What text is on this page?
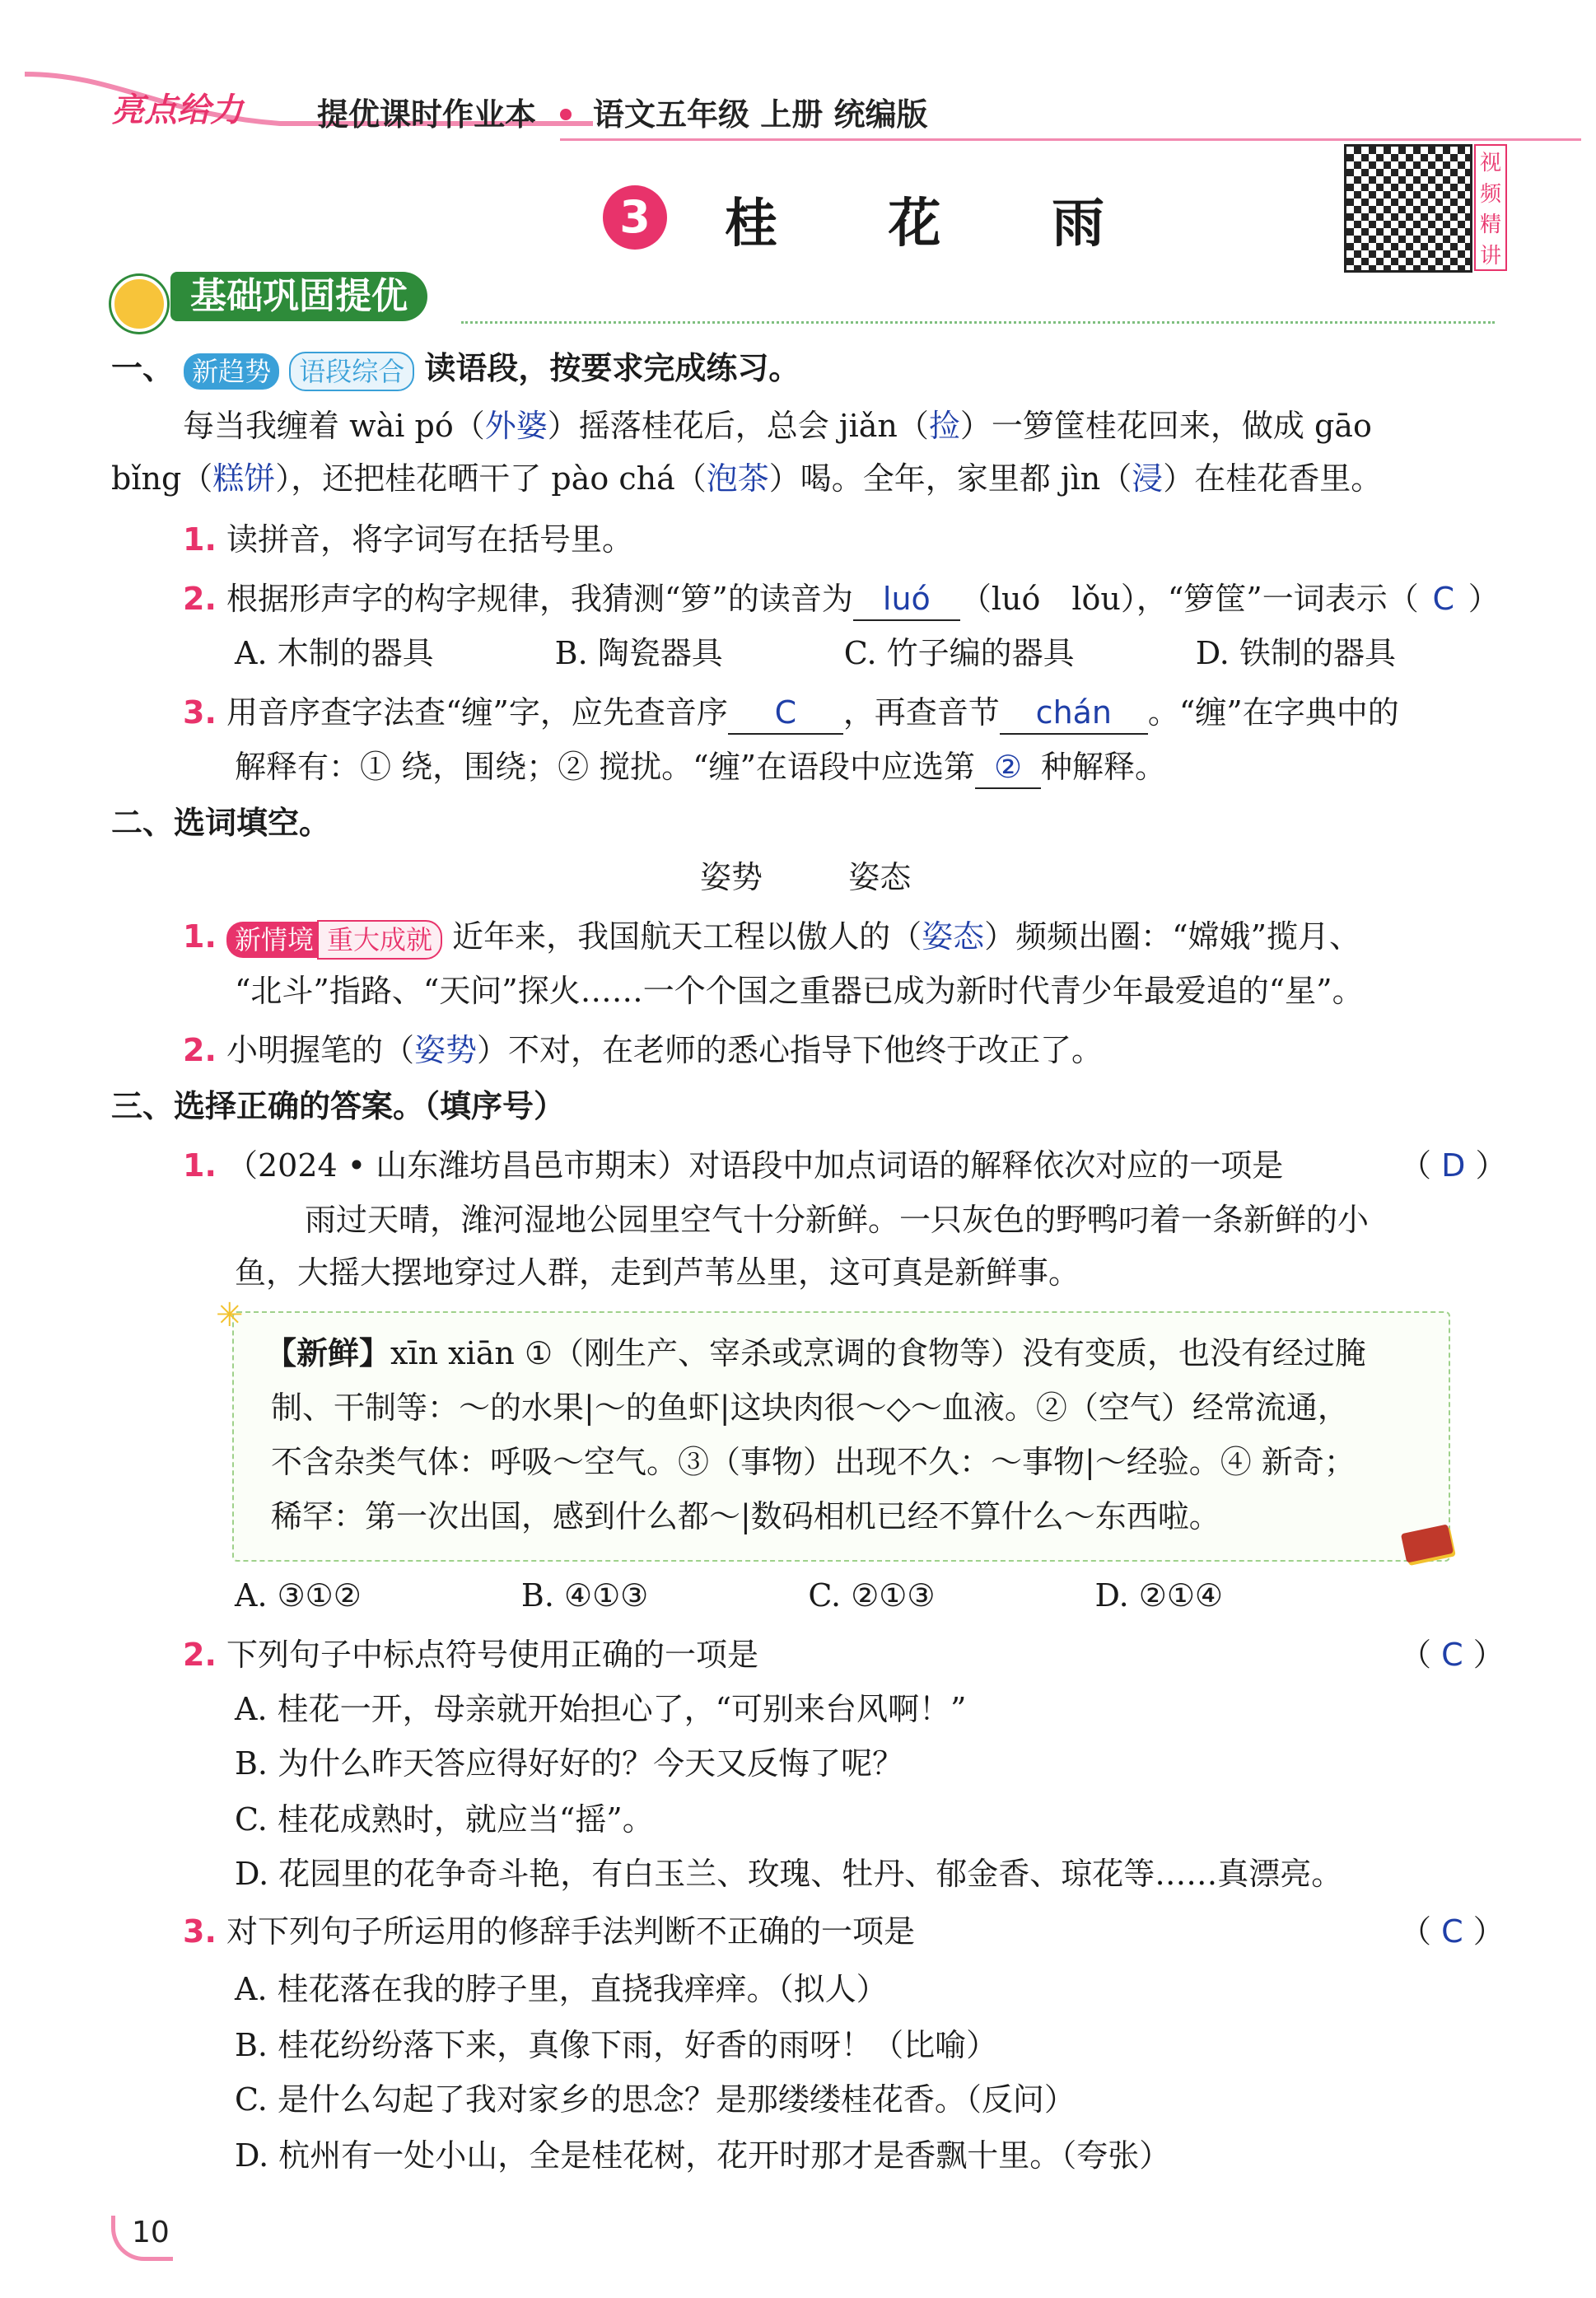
亮点给力 提优课时作业本 语文五年级 上册 统编版
视
频
精
讲
3	桂  花  雨
基础巩固提优
一、 新趋势 语段综合 读语段，按要求完成练习。
每当我缠着 wài pó（外婆）摇落桂花后，总会 jiǎn（捡）一箩筐桂花回来，做成 gāo
bǐng（糕饼），还把桂花晒干了 pào chá（泡茶）喝。全年，家里都 jìn（浸）在桂花香里。
1. 读拼音，将字词写在括号里。
2. 根据形声字的构字规律，我猜测“箩”的读音为 luó （luó　lǒu），“箩筐”一词表示（ C ）
A. 木制的器具	B. 陶瓷器具	C. 竹子编的器具	D. 铁制的器具
3. 用音序查字法查“缠”字，应先查音序 C ，再查音节 chán 。“缠”在字典中的
解释有：① 绕，围绕；② 搅扰。“缠”在语段中应选第 ② 种解释。
二、选词填空。
姿势	姿态
1. 新情境 重大成就 近年来，我国航天工程以傲人的（姿态）频频出圈：“嫦娥”揽月、
“北斗”指路、“天问”探火……一个个国之重器已成为新时代青少年最爱追的“星”。
2. 小明握笔的（姿势）不对，在老师的悉心指导下他终于改正了。
三、选择正确的答案。（填序号）
1. （2024 • 山东潍坊昌邑市期末）对语段中加点词语的解释依次对应的一项是	（ D ）
雨过天晴，潍河湿地公园里空气十分新鲜。一只灰色的野鸭叼着一条新鲜的小
鱼，大摇大摆地穿过人群，走到芦苇丛里，这可真是新鲜事。
✳
【新鲜】xīn xiān ①（刚生产、宰杀或烹调的食物等）没有变质，也没有经过腌
制、干制等：～的水果|～的鱼虾|这块肉很～◇～血液。②（空气）经常流通，
不含杂类气体：呼吸～空气。③（事物）出现不久：～事物|～经验。④ 新奇；
稀罕：第一次出国，感到什么都～|数码相机已经不算什么～东西啦。
A. ③①②	B. ④①③	C. ②①③	D. ②①④
2. 下列句子中标点符号使用正确的一项是	（ C ）
A. 桂花一开，母亲就开始担心了，“可别来台风啊！”
B. 为什么昨天答应得好好的？今天又反悔了呢？
C. 桂花成熟时，就应当“摇”。
D. 花园里的花争奇斗艳，有白玉兰、玫瑰、牡丹、郁金香、琼花等……真漂亮。
3. 对下列句子所运用的修辞手法判断不正确的一项是	（ C ）
A. 桂花落在我的脖子里，直挠我痒痒。（拟人）
B. 桂花纷纷落下来，真像下雨，好香的雨呀！（比喻）
C. 是什么勾起了我对家乡的思念？是那缕缕桂花香。（反问）
D. 杭州有一处小山，全是桂花树，花开时那才是香飘十里。（夸张）
10
